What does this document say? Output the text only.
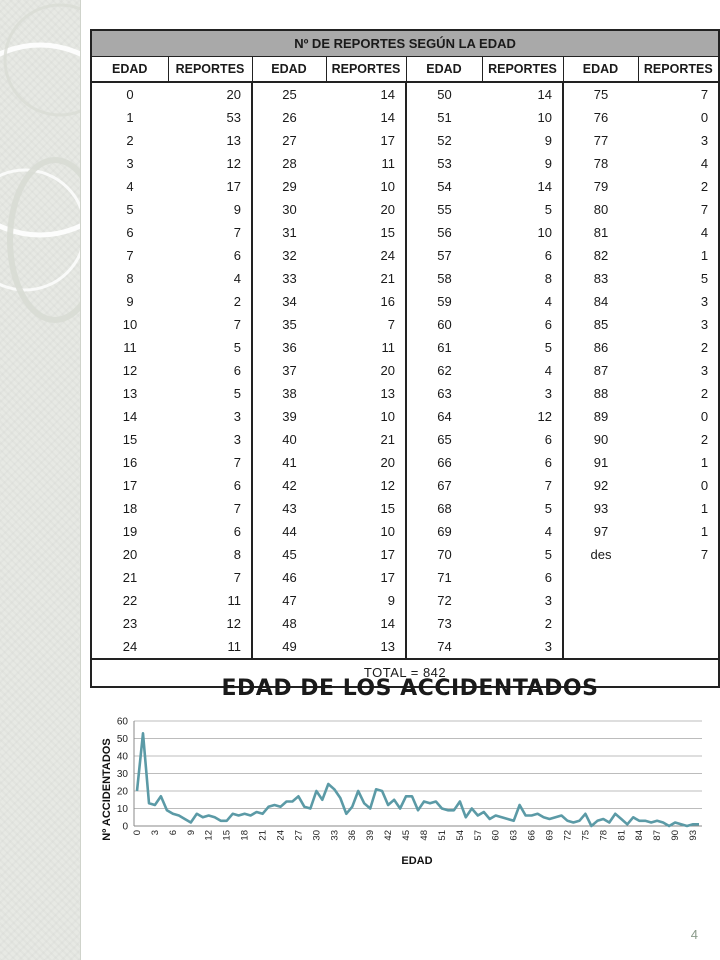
Nº DE REPORTES SEGÚN LA EDAD							
EDAD	REPORTES	EDAD	REPORTES	EDAD	REPORTES	EDAD	REPORTES
0	20	25	14	50	14	75	7
1	53	26	14	51	10	76	0
2	13	27	17	52	9	77	3
3	12	28	11	53	9	78	4
4	17	29	10	54	14	79	2
5	9	30	20	55	5	80	7
6	7	31	15	56	10	81	4
7	6	32	24	57	6	82	1
8	4	33	21	58	8	83	5
9	2	34	16	59	4	84	3
10	7	35	7	60	6	85	3
11	5	36	11	61	5	86	2
12	6	37	20	62	4	87	3
13	5	38	13	63	3	88	2
14	3	39	10	64	12	89	0
15	3	40	21	65	6	90	2
16	7	41	20	66	6	91	1
17	6	42	12	67	7	92	0
18	7	43	15	68	5	93	1
19	6	44	10	69	4	97	1
20	8	45	17	70	5	des	7
21	7	46	17	71	6		
22	11	47	9	72	3		
23	12	48	14	73	2		
24	11	49	13	74	3		
TOTAL = 842							
EDAD DE LOS ACCIDENTADOS
0
10
20
30
40
50
60
0 3 6 9 12 15 18 21 24 27 30 33 36 39 42 45 48 51 54 57 60 63 66 69 72 75 78 81 84 87 90 93
Nº ACCIDENTADOS
EDAD
4
